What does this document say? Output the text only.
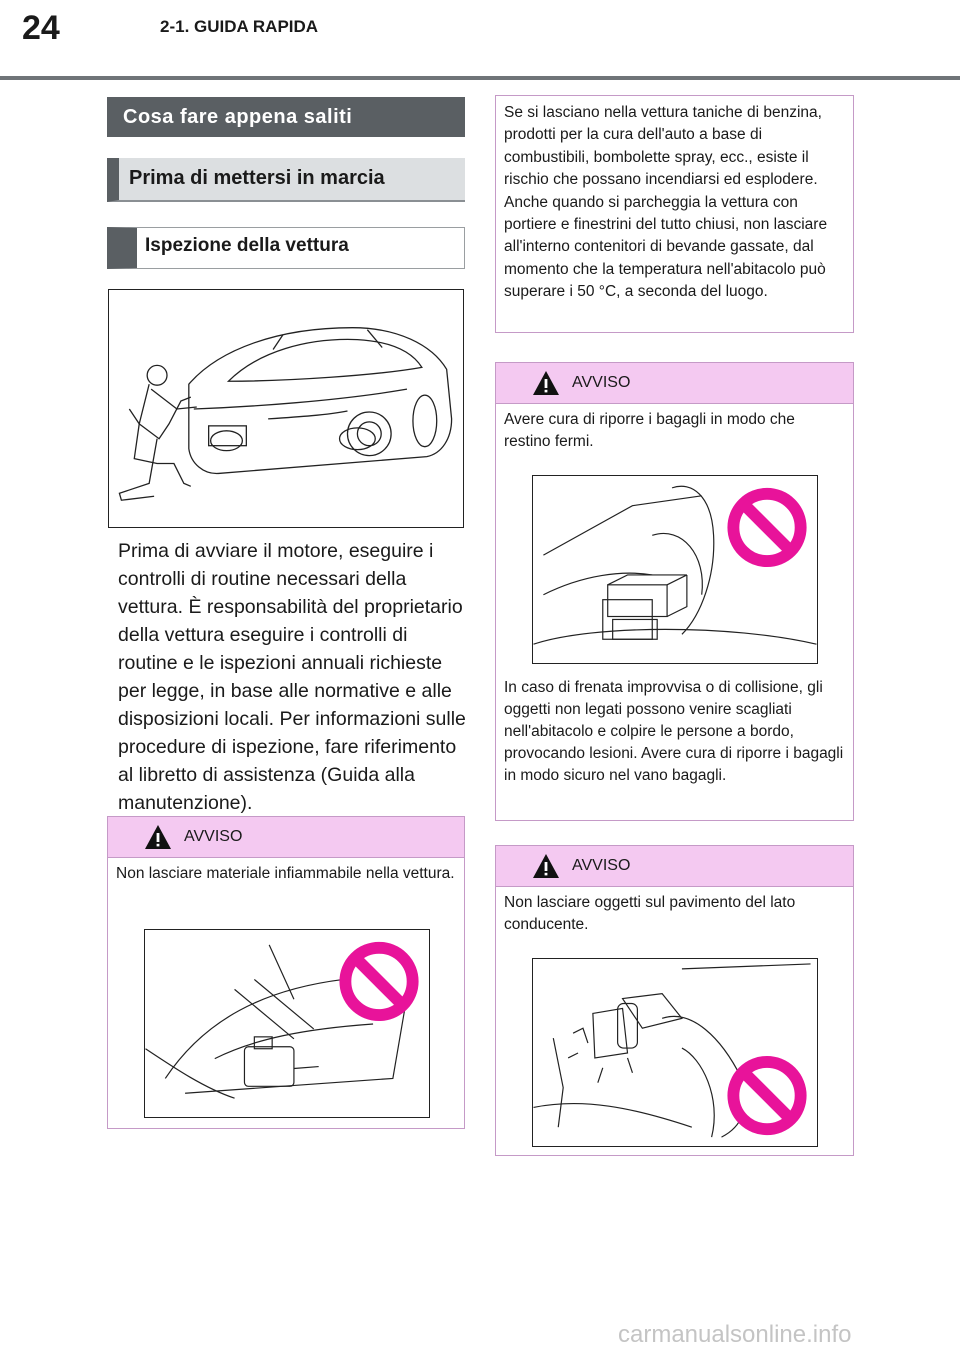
24	2-1. GUIDA RAPIDA
Cosa fare appena saliti
Prima di mettersi in marcia
Ispezione della vettura
Prima di avviare il motore, eseguire i controlli di routine necessari della vettura. È responsabilità del proprietario della vettura eseguire i controlli di routine e le ispezioni annuali richieste per legge, in base alle normative e alle disposizioni locali. Per informazioni sulle procedure di ispezione, fare riferimento al libretto di assistenza (Guida alla manutenzione).
AVVISO
Non lasciare materiale infiammabile nella vettura.
Se si lasciano nella vettura taniche di benzina, prodotti per la cura dell'auto a base di combustibili, bombolette spray, ecc., esiste il rischio che possano incendiarsi ed esplodere. Anche quando si parcheggia la vettura con portiere e finestrini del tutto chiusi, non lasciare all'interno contenitori di bevande gassate, dal momento che la temperatura nell'abitacolo può superare i 50 °C, a seconda del luogo.
AVVISO
Avere cura di riporre i bagagli in modo che restino fermi.
In caso di frenata improvvisa o di collisione, gli oggetti non legati possono venire scagliati nell'abitacolo e colpire le persone a bordo, provocando lesioni. Avere cura di riporre i bagagli in modo sicuro nel vano bagagli.
AVVISO
Non lasciare oggetti sul pavimento del lato conducente.
carmanualsonline.info
